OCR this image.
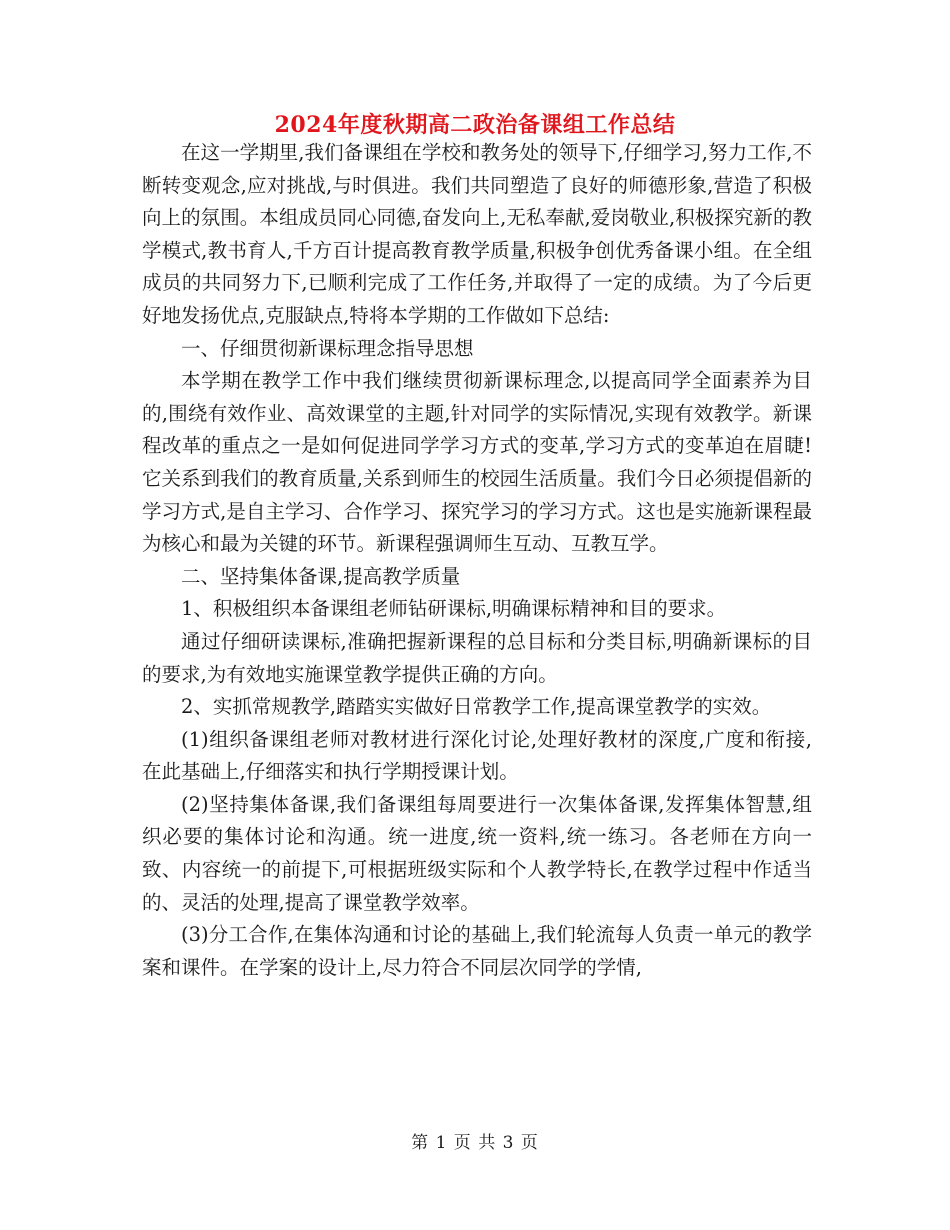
2024年度秋期高二政治备课组工作总结

在这一学期里,我们备课组在学校和教务处的领导下,仔细学习,努力工作,不断转变观念,应对挑战,与时俱进。我们共同塑造了良好的师德形象,营造了积极向上的氛围。本组成员同心同德,奋发向上,无私奉献,爱岗敬业,积极探究新的教学模式,教书育人,千方百计提高教育教学质量,积极争创优秀备课小组。在全组成员的共同努力下,已顺利完成了工作任务,并取得了一定的成绩。为了今后更好地发扬优点,克服缺点,特将本学期的工作做如下总结:

一、仔细贯彻新课标理念指导思想

本学期在教学工作中我们继续贯彻新课标理念,以提高同学全面素养为目的,围绕有效作业、高效课堂的主题,针对同学的实际情况,实现有效教学。新课程改革的重点之一是如何促进同学学习方式的变革,学习方式的变革迫在眉睫!它关系到我们的教育质量,关系到师生的校园生活质量。我们今日必须提倡新的学习方式,是自主学习、合作学习、探究学习的学习方式。这也是实施新课程最为核心和最为关键的环节。新课程强调师生互动、互教互学。

二、坚持集体备课,提高教学质量

1、积极组织本备课组老师钻研课标,明确课标精神和目的要求。

通过仔细研读课标,准确把握新课程的总目标和分类目标,明确新课标的目的要求,为有效地实施课堂教学提供正确的方向。

2、实抓常规教学,踏踏实实做好日常教学工作,提高课堂教学的实效。

(1)组织备课组老师对教材进行深化讨论,处理好教材的深度,广度和衔接,在此基础上,仔细落实和执行学期授课计划。

(2)坚持集体备课,我们备课组每周要进行一次集体备课,发挥集体智慧,组织必要的集体讨论和沟通。统一进度,统一资料,统一练习。各老师在方向一致、内容统一的前提下,可根据班级实际和个人教学特长,在教学过程中作适当的、灵活的处理,提高了课堂教学效率。

(3)分工合作,在集体沟通和讨论的基础上,我们轮流每人负责一单元的教学案和课件。在学案的设计上,尽力符合不同层次同学的学情,

第 1 页 共 3 页
